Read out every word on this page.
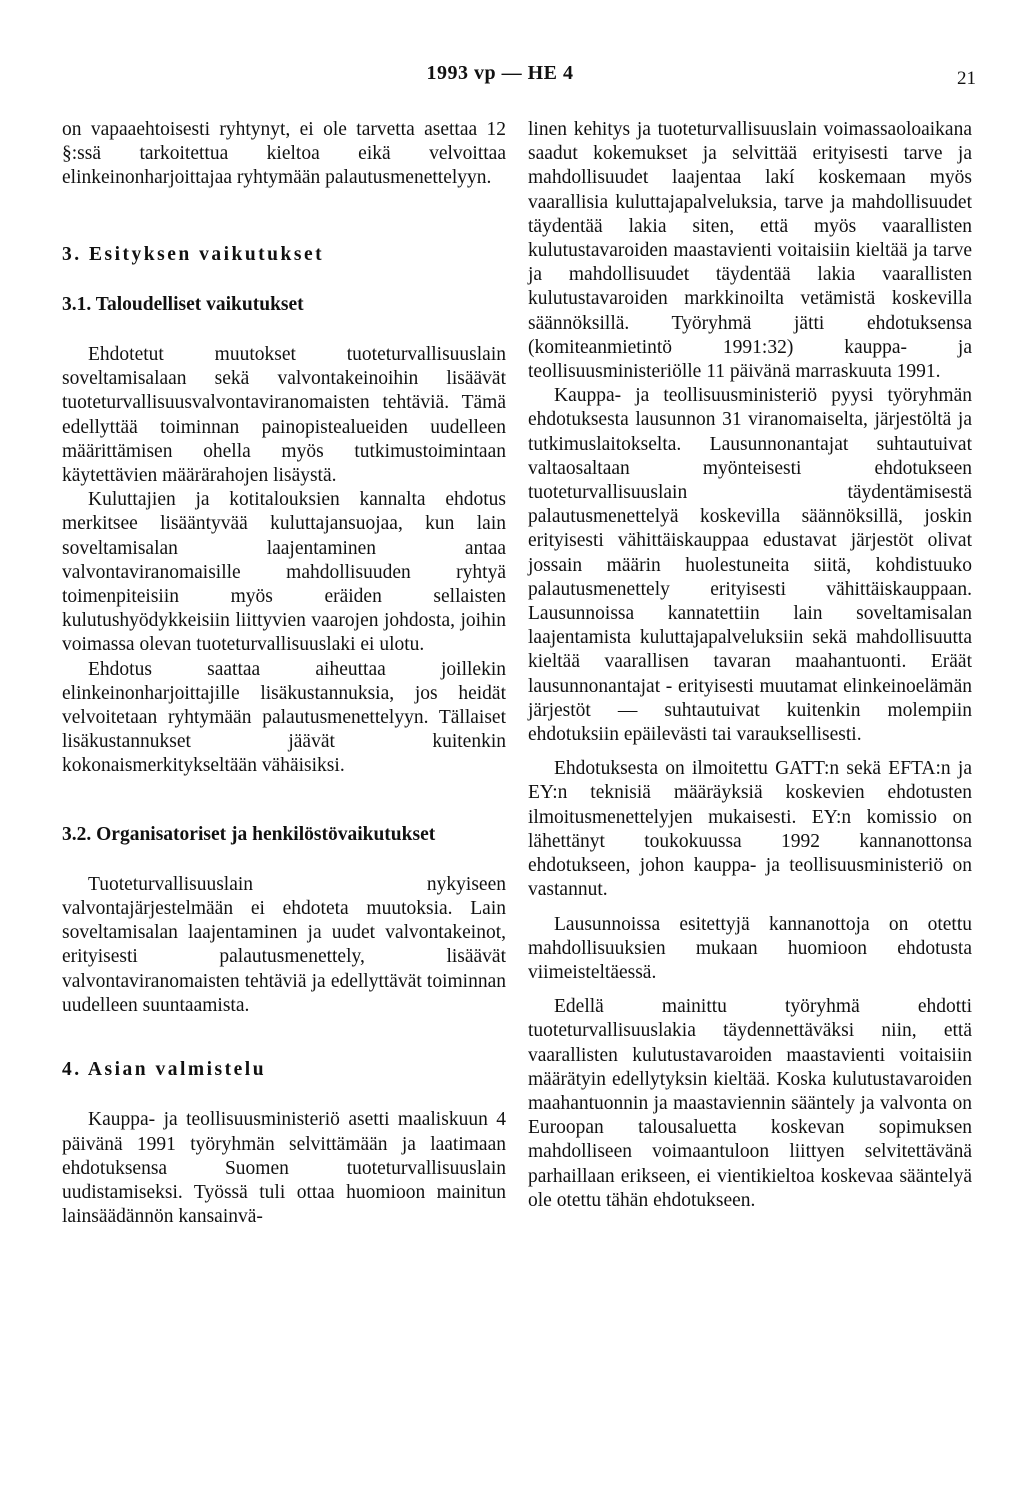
1993 vp — HE 4	21

on vapaaehtoisesti ryhtynyt, ei ole tarvetta asettaa 12 §:ssä tarkoitettua kieltoa eikä velvoittaa elinkeinonharjoittajaa ryhtymään palautusmenettelyyn.

3. Esityksen vaikutukset

3.1. Taloudelliset vaikutukset

Ehdotetut muutokset tuoteturvallisuuslain soveltamisalaan sekä valvontakeinoihin lisäävät tuoteturvallisuusvalvontaviranomaisten tehtäviä. Tämä edellyttää toiminnan painopistealueiden uudelleen määrittämisen ohella myös tutkimustoimintaan käytettävien määrärahojen lisäystä.

Kuluttajien ja kotitalouksien kannalta ehdotus merkitsee lisääntyvää kuluttajansuojaa, kun lain soveltamisalan laajentaminen antaa valvontaviranomaisille mahdollisuuden ryhtyä toimenpiteisiin myös eräiden sellaisten kulutushyödykkeisiin liittyvien vaarojen johdosta, joihin voimassa olevan tuoteturvallisuuslaki ei ulotu.

Ehdotus saattaa aiheuttaa joillekin elinkeinonharjoittajille lisäkustannuksia, jos heidät velvoitetaan ryhtymään palautusmenettelyyn. Tällaiset lisäkustannukset jäävät kuitenkin kokonaismerkitykseltään vähäisiksi.

3.2. Organisatoriset ja henkilöstövaikutukset

Tuoteturvallisuuslain nykyiseen valvontajärjestelmään ei ehdoteta muutoksia. Lain soveltamisalan laajentaminen ja uudet valvontakeinot, erityisesti palautusmenettely, lisäävät valvontaviranomaisten tehtäviä ja edellyttävät toiminnan uudelleen suuntaamista.

4. Asian valmistelu

Kauppa- ja teollisuusministeriö asetti maaliskuun 4 päivänä 1991 työryhmän selvittämään ja laatimaan ehdotuksensa Suomen tuoteturvallisuuslain uudistamiseksi. Työssä tuli ottaa huomioon mainitun lainsäädännön kansainvä-

linen kehitys ja tuoteturvallisuuslain voimassaoloaikana saadut kokemukset ja selvittää erityisesti tarve ja mahdollisuudet laajentaa lakí koskemaan myös vaarallisia kuluttajapalveluksia, tarve ja mahdollisuudet täydentää lakia siten, että myös vaarallisten kulutustavaroiden maastavienti voitaisiin kieltää ja tarve ja mahdollisuudet täydentää lakia vaarallisten kulutustavaroiden markkinoilta vetämistä koskevilla säännöksillä. Työryhmä jätti ehdotuksensa (komiteanmietintö 1991:32) kauppa- ja teollisuusministeriölle 11 päivänä marraskuuta 1991.

Kauppa- ja teollisuusministeriö pyysi työryhmän ehdotuksesta lausunnon 31 viranomaiselta, järjestöltä ja tutkimuslaitokselta. Lausunnonantajat suhtautuivat valtaosaltaan myönteisesti ehdotukseen tuoteturvallisuuslain täydentämisestä palautusmenettelyä koskevilla säännöksillä, joskin erityisesti vähittäiskauppaa edustavat järjestöt olivat jossain määrin huolestuneita siitä, kohdistuuko palautusmenettely erityisesti vähittäiskauppaan. Lausunnoissa kannatettiin lain soveltamisalan laajentamista kuluttajapalveluksiin sekä mahdollisuutta kieltää vaarallisen tavaran maahantuonti. Eräät lausunnonantajat - erityisesti muutamat elinkeinoelämän järjestöt — suhtautuivat kuitenkin molempiin ehdotuksiin epäilevästi tai varauksellisesti.

Ehdotuksesta on ilmoitettu GATT:n sekä EFTA:n ja EY:n teknisiä määräyksiä koskevien ehdotusten ilmoitusmenettelyjen mukaisesti. EY:n komissio on lähettänyt toukokuussa 1992 kannanottonsa ehdotukseen, johon kauppa- ja teollisuusministeriö on vastannut.

Lausunnoissa esitettyjä kannanottoja on otettu mahdollisuuksien mukaan huomioon ehdotusta viimeisteltäessä.

Edellä mainittu työryhmä ehdotti tuoteturvallisuuslakia täydennettäväksi niin, että vaarallisten kulutustavaroiden maastavienti voitaisiin määrätyin edellytyksin kieltää. Koska kulutustavaroiden maahantuonnin ja maastaviennin sääntely ja valvonta on Euroopan talousaluetta koskevan sopimuksen mahdolliseen voimaantuloon liittyen selvitettävänä parhaillaan erikseen, ei vientikieltoa koskevaa sääntelyä ole otettu tähän ehdotukseen.
